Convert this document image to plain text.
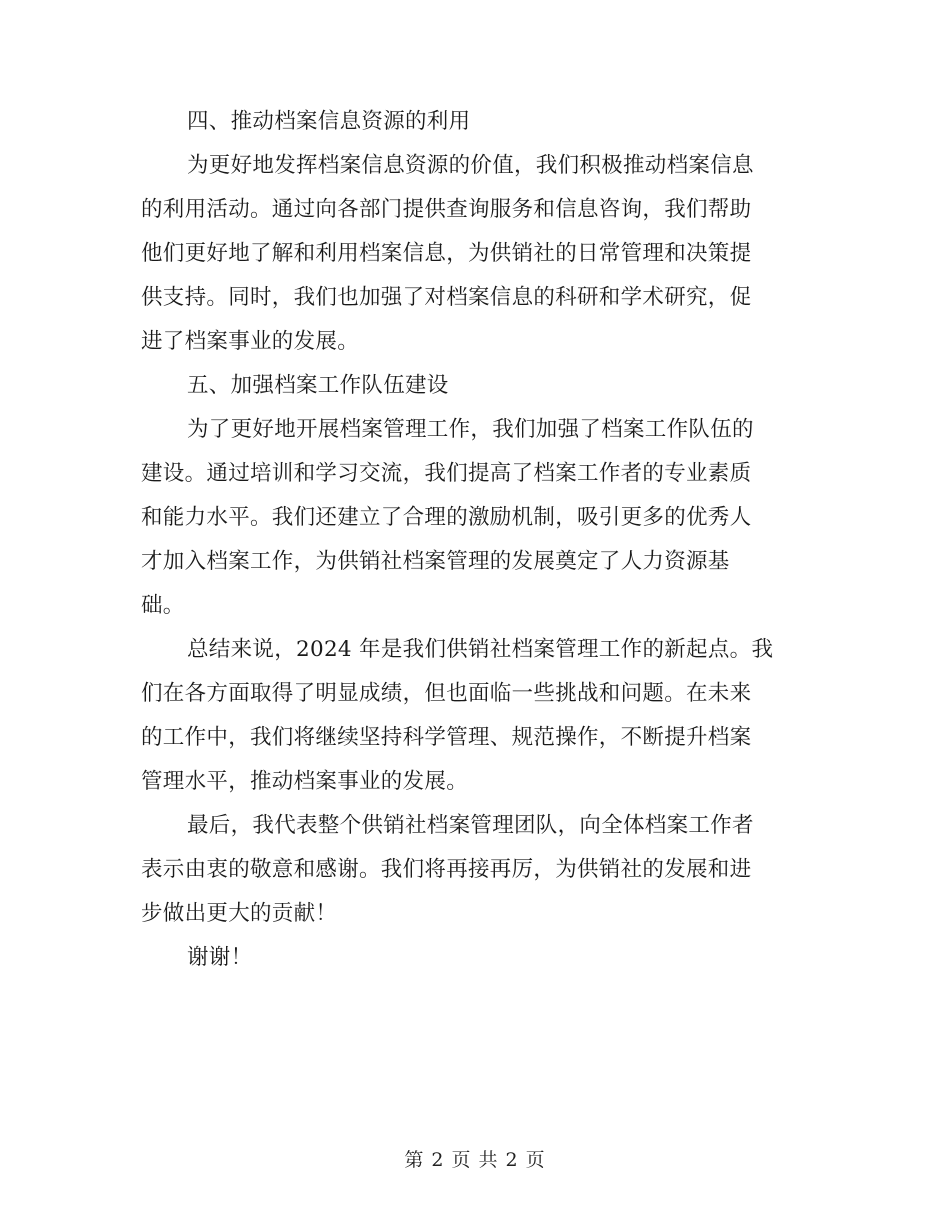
四、推动档案信息资源的利用
为更好地发挥档案信息资源的价值，我们积极推动档案信息
的利用活动。通过向各部门提供查询服务和信息咨询，我们帮助
他们更好地了解和利用档案信息，为供销社的日常管理和决策提
供支持。同时，我们也加强了对档案信息的科研和学术研究，促
进了档案事业的发展。
五、加强档案工作队伍建设
为了更好地开展档案管理工作，我们加强了档案工作队伍的
建设。通过培训和学习交流，我们提高了档案工作者的专业素质
和能力水平。我们还建立了合理的激励机制，吸引更多的优秀人
才加入档案工作，为供销社档案管理的发展奠定了人力资源基
础。
总结来说，2024 年是我们供销社档案管理工作的新起点。我
们在各方面取得了明显成绩，但也面临一些挑战和问题。在未来
的工作中，我们将继续坚持科学管理、规范操作，不断提升档案
管理水平，推动档案事业的发展。
最后，我代表整个供销社档案管理团队，向全体档案工作者
表示由衷的敬意和感谢。我们将再接再厉，为供销社的发展和进
步做出更大的贡献！
谢谢！
第 2 页 共 2 页
